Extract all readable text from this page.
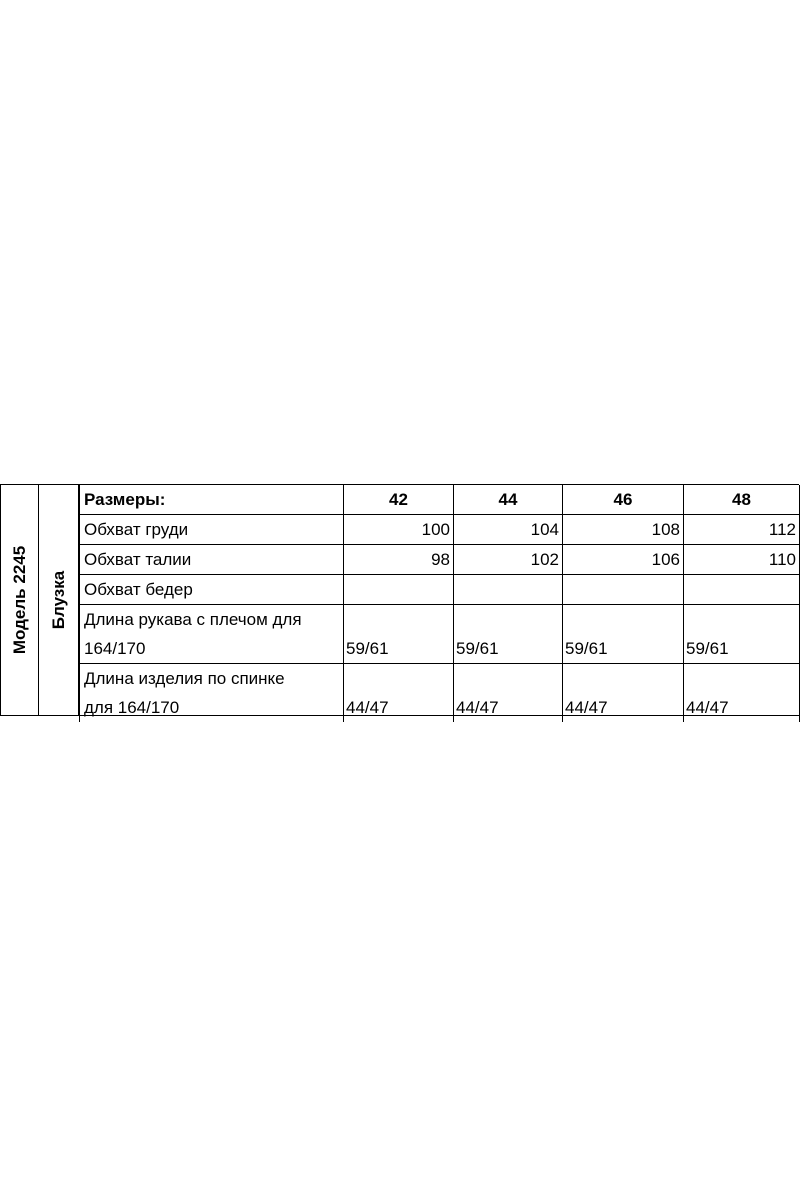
Модель 2245 Блузка
Размеры:	42	44	46	48
Обхват груди	100	104	108	112
Обхват талии	98	102	106	110
Обхват бедер				

Длина рукава с плечом для
164/170	59/61	59/61	59/61	59/61

Длина изделия по спинке
для 164/170	44/47	44/47	44/47	44/47
